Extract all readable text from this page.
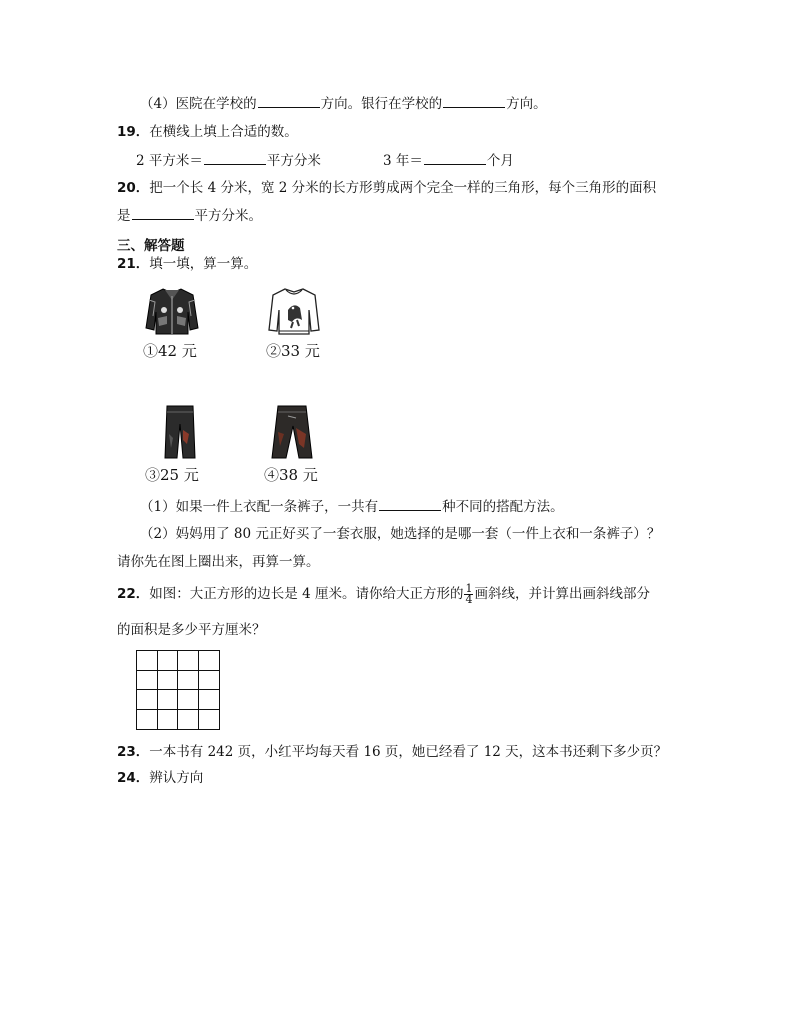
（4）医院在学校的	方向。银行在学校的	方向。
19．在横线上填上合适的数。
2 平方米＝	平方分米	3 年＝	个月
20．把一个长 4 分米，宽 2 分米的长方形剪成两个完全一样的三角形，每个三角形的面积
是	平方分米。
三、解答题
21．填一填，算一算。
①42 元	②33 元
③25 元	④38 元
（1）如果一件上衣配一条裤子，一共有	种不同的搭配方法。
（2）妈妈用了 80 元正好买了一套衣服，她选择的是哪一套（一件上衣和一条裤子）？
请你先在图上圈出来，再算一算。
22．如图：大正方形的边长是 4 厘米。请你给大正方形的 $\frac{1}{4}$ 画斜线，并计算出画斜线部分
的面积是多少平方厘米？
23．一本书有 242 页，小红平均每天看 16 页，她已经看了 12 天，这本书还剩下多少页？
24．辨认方向
